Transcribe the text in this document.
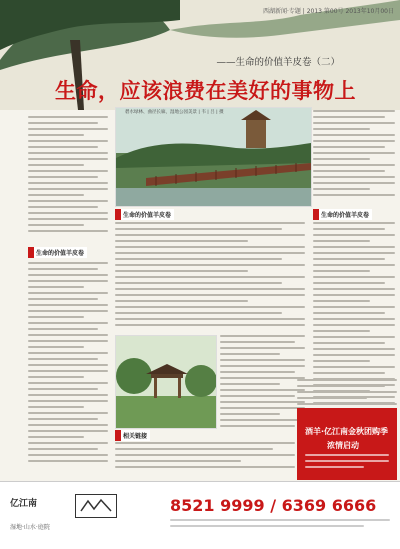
西湖新闻·专题 | 2013 第00号 2013年10月00日
——生命的价值羊皮卷（二）
生命，应该浪费在美好的事物上
生命的价值羊皮卷
碧水绿林、曲径长廊，湿地公园美景 | 韦 | 吕 | 摄
生命的价值羊皮卷	生命的价值羊皮卷
相关链接
酒羊·亿江南金秋团购季
浓情启动

亿江南	8521 9999 / 6369 6666
湿地·山水·庭院
